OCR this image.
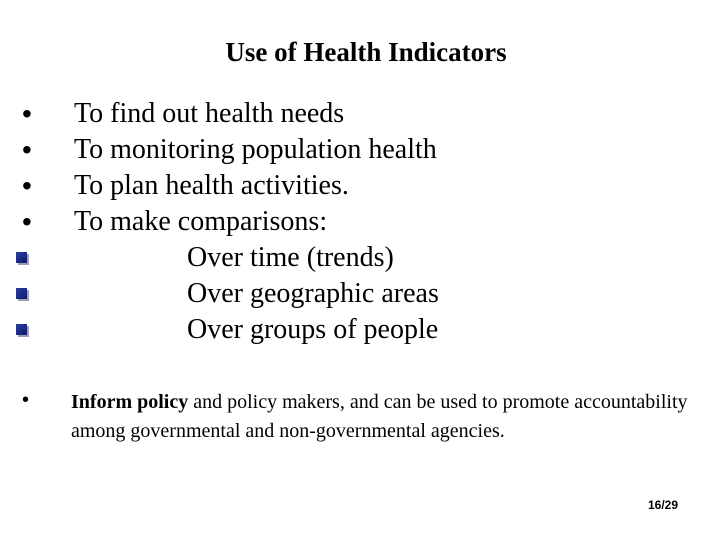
Use of Health Indicators
• To find out health needs
• To monitoring population health
• To plan health activities.
• To make comparisons:
Over time (trends)
Over geographic areas
Over groups of people
• Inform policy and policy makers, and can be used to promote accountability among governmental and non-governmental agencies.
16/29
